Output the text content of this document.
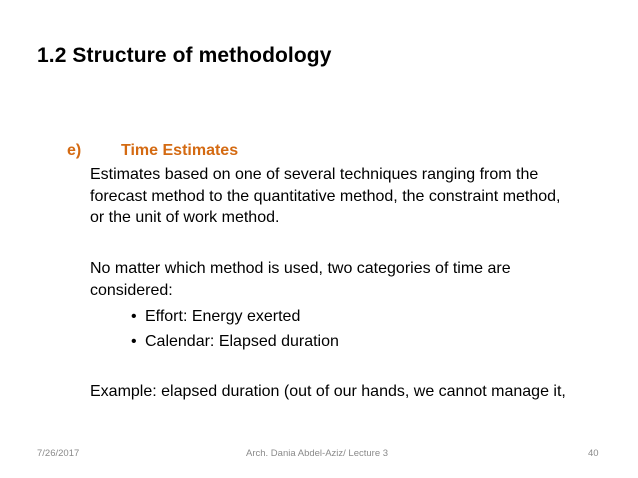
1.2 Structure of methodology
e) Time Estimates
Estimates based on one of several techniques ranging from the
forecast method to the quantitative method, the constraint method,
or the unit of work method.
No matter which method is used, two categories of time are
considered:
• Effort: Energy exerted
• Calendar: Elapsed duration
Example: elapsed duration (out of our hands, we cannot manage it,
7/26/2017	Arch. Dania Abdel-Aziz/ Lecture 3	40
